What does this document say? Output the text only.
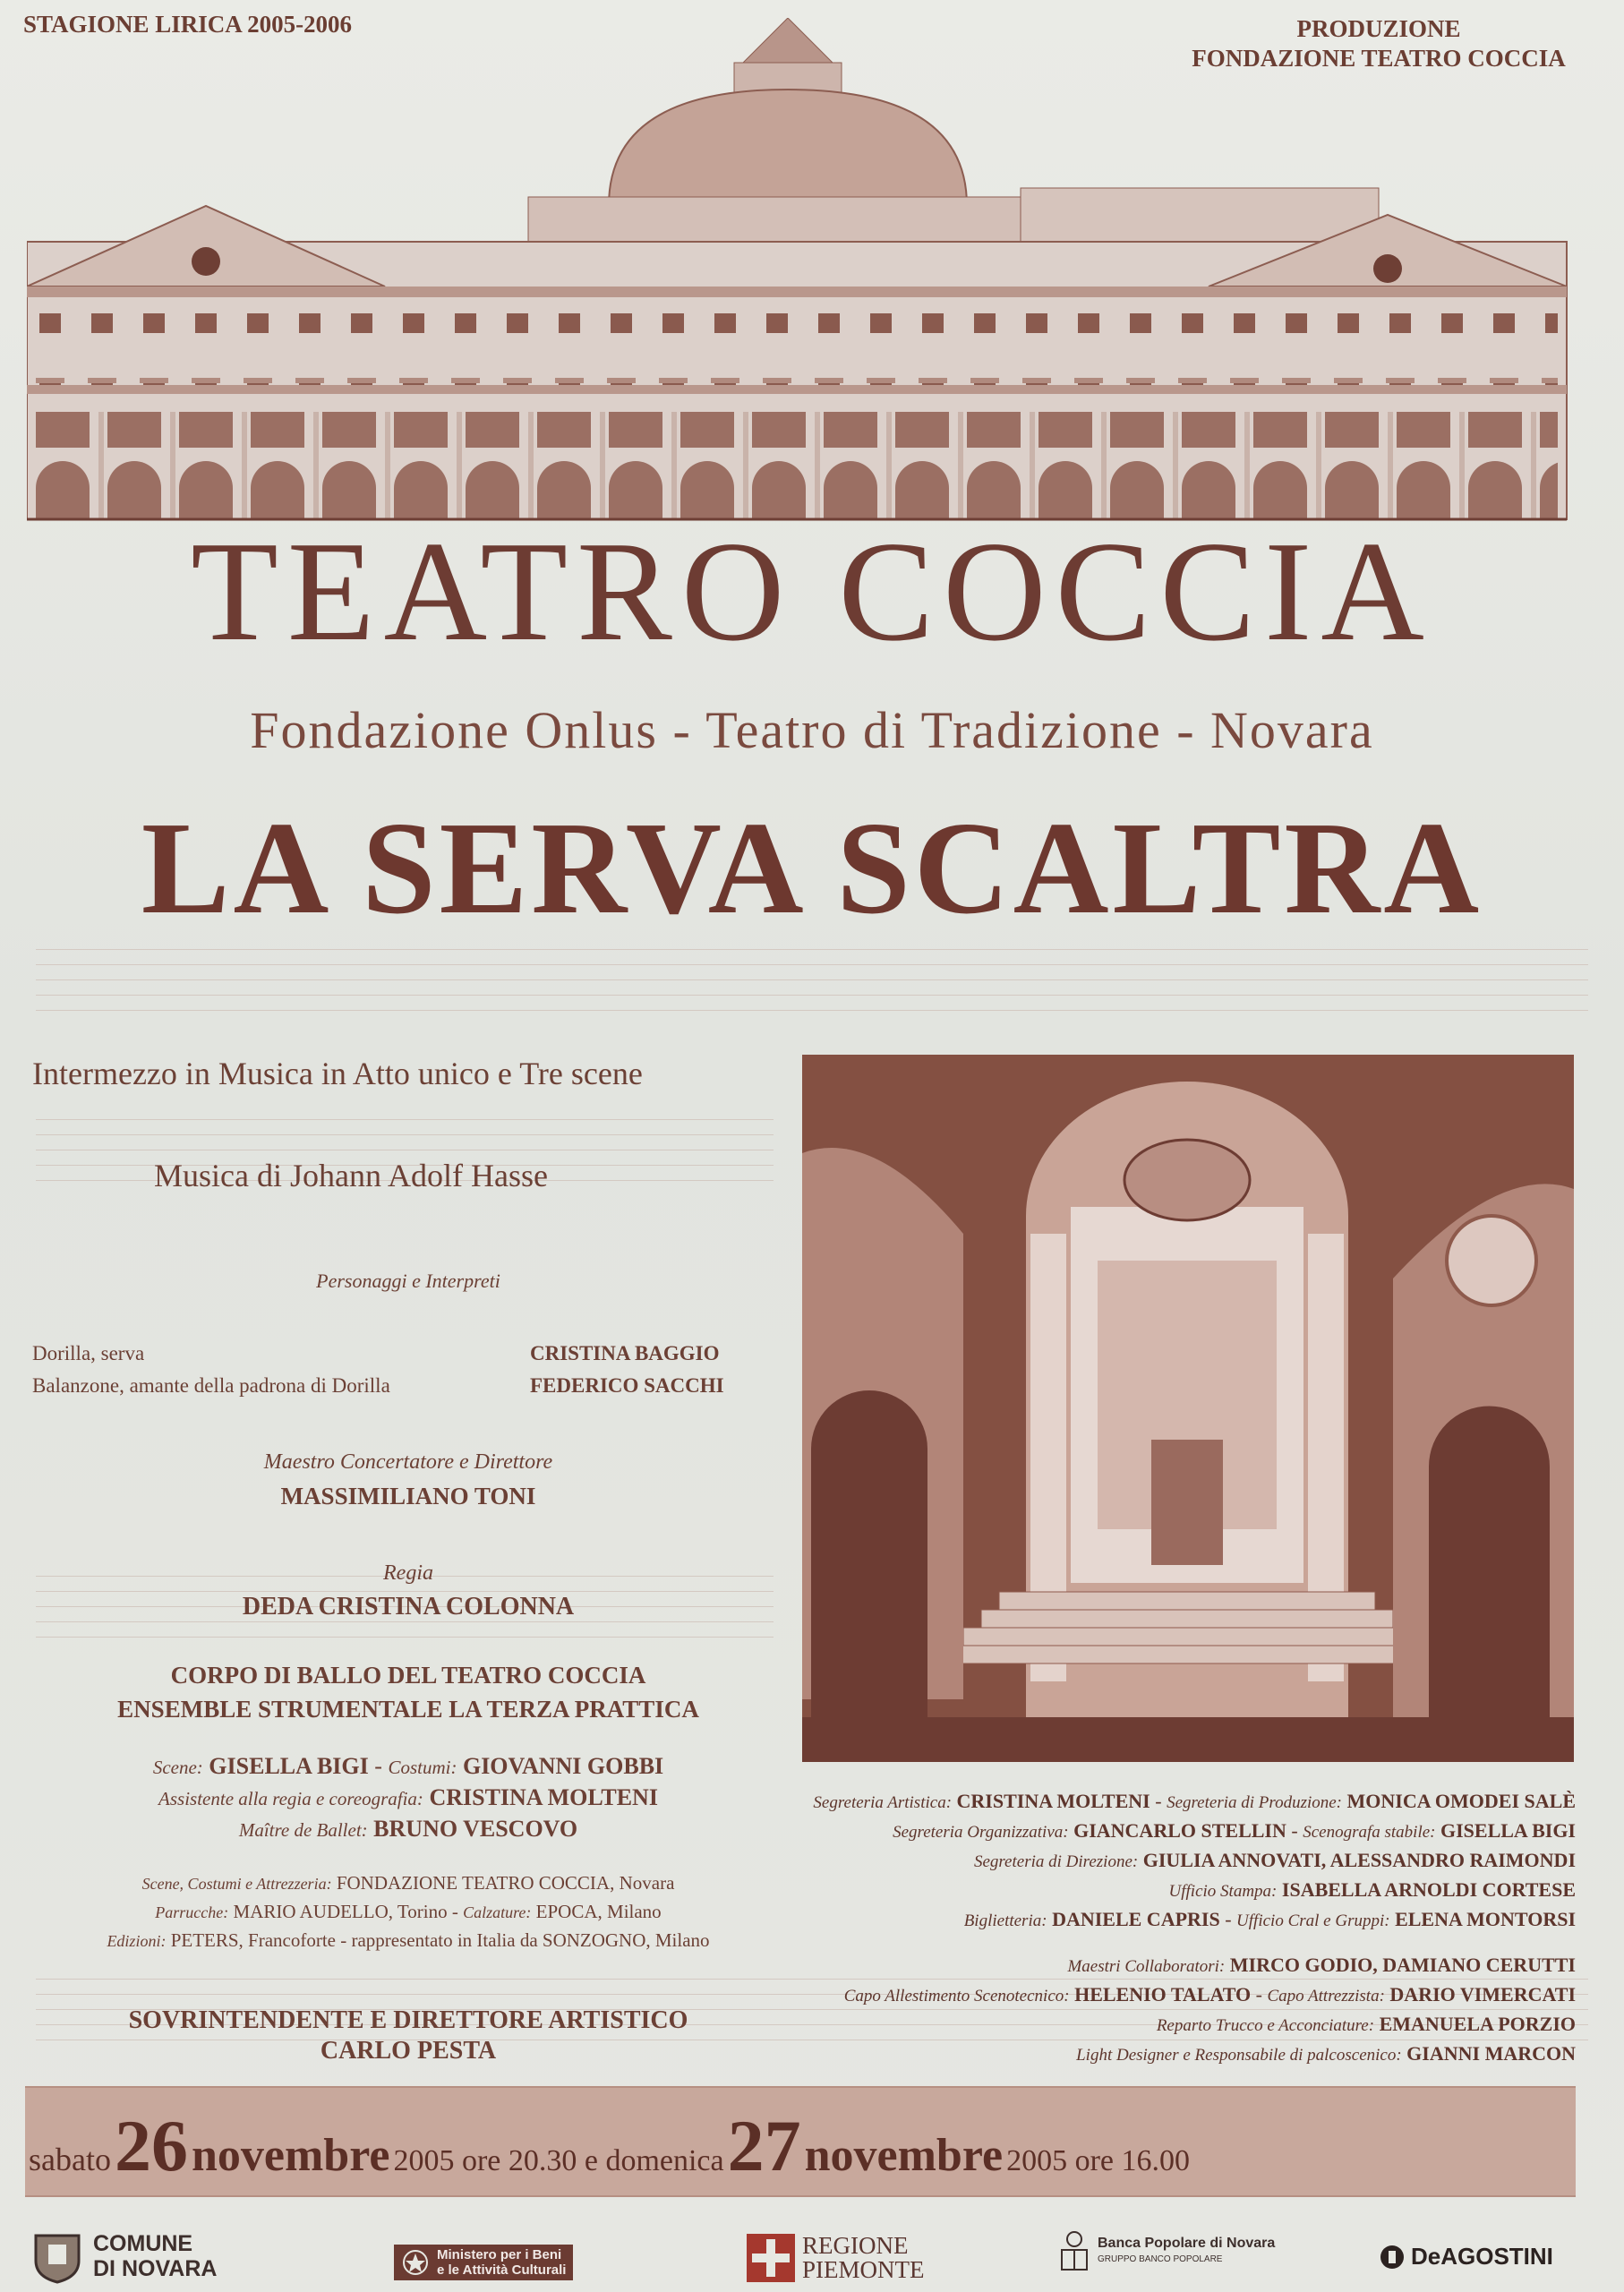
STAGIONE LIRICA 2005-2006	PRODUZIONE
FONDAZIONE TEATRO COCCIA
TEATRO COCCIA
Fondazione Onlus - Teatro di Tradizione - Novara
LA SERVA SCALTRA
Intermezzo in Musica in Atto unico e Tre scene
Musica di Johann Adolf Hasse
Personaggi e Interpreti
Dorilla, serva	CRISTINA BAGGIO
Balanzone, amante della padrona di Dorilla	FEDERICO SACCHI
Maestro Concertatore e Direttore
MASSIMILIANO TONI
Regia
DEDA CRISTINA COLONNA
CORPO DI BALLO DEL TEATRO COCCIA
ENSEMBLE STRUMENTALE LA TERZA PRATTICA
Scene: GISELLA BIGI - Costumi: GIOVANNI GOBBI
Assistente alla regia e coreografia: CRISTINA MOLTENI
Maître de Ballet: BRUNO VESCOVO
Scene, Costumi e Attrezzeria: FONDAZIONE TEATRO COCCIA, Novara
Parrucche: MARIO AUDELLO, Torino - Calzature: EPOCA, Milano
Edizioni: PETERS, Francoforte - rappresentato in Italia da SONZOGNO, Milano
SOVRINTENDENTE E DIRETTORE ARTISTICO
CARLO PESTA
Segreteria Artistica: CRISTINA MOLTENI - Segreteria di Produzione: MONICA OMODEI SALÈ
Segreteria Organizzativa: GIANCARLO STELLIN - Scenografa stabile: GISELLA BIGI
Segreteria di Direzione: GIULIA ANNOVATI, ALESSANDRO RAIMONDI
Ufficio Stampa: ISABELLA ARNOLDI CORTESE
Biglietteria: DANIELE CAPRIS - Ufficio Cral e Gruppi: ELENA MONTORSI
Maestri Collaboratori: MIRCO GODIO, DAMIANO CERUTTI
Capo Allestimento Scenotecnico: HELENIO TALATO - Capo Attrezzista: DARIO VIMERCATI
Reparto Trucco e Acconciature: EMANUELA PORZIO
Light Designer e Responsabile di palcoscenico: GIANNI MARCON
sabato 26 novembre 2005 ore 20.30 e domenica 27 novembre 2005 ore 16.00
COMUNE
DI NOVARA
Ministero per i Beni
e le Attività Culturali
REGIONE
PIEMONTE
Banca Popolare di Novara
GRUPPO BANCO POPOLARE	DeAGOSTINI
